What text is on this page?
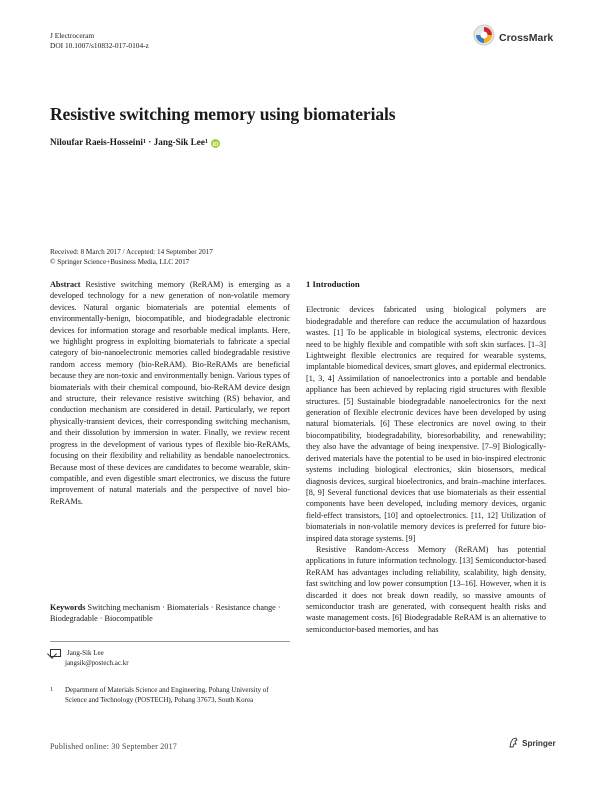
J Electroceram
DOI 10.1007/s10832-017-0104-z
CrossMark
Resistive switching memory using biomaterials
Niloufar Raeis-Hosseini 1 · Jang-Sik Lee 1 iD
Received: 8 March 2017 / Accepted: 14 September 2017
© Springer Science+Business Media, LLC 2017
Abstract Resistive switching memory (ReRAM) is emerging as a developed technology for a new generation of non-volatile memory devices. Natural organic biomaterials are potential elements of environmentally-benign, biocompatible, and biodegradable electronic devices for information storage and resorbable medical implants. Here, we highlight progress in exploiting biomaterials to fabricate a special category of bio-nanoelectronic memories called biodegradable resistive random access memory (bio-ReRAM). Bio-ReRAMs are beneficial because they are non-toxic and environmentally benign. Various types of biomaterials with their chemical compound, bio-ReRAM device design and structure, their relevance resistive switching (RS) behavior, and conduction mechanism are considered in detail. Particularly, we report physically-transient devices, their corresponding switching mechanism, and their dissolution by immersion in water. Finally, we review recent progress in the development of various types of flexible bio-ReRAMs, focusing on their flexibility and reliability as bendable nanoelectronics. Because most of these devices are candidates to become wearable, skin-compatible, and even digestible smart electronics, we discuss the future improvement of natural materials and the perspective of novel bio-ReRAMs.
Keywords Switching mechanism · Biomaterials · Resistance change · Biodegradable · Biocompatible
Jang-Sik Lee
jangsik@postech.ac.kr
1	Department of Materials Science and Engineering, Pohang University of Science and Technology (POSTECH), Pohang 37673, South Korea
Published online: 30 September 2017	Springer
1 Introduction

Electronic devices fabricated using biological polymers are biodegradable and therefore can reduce the accumulation of hazardous wastes. [1] To be applicable in biological systems, electronic devices need to be highly flexible and compatible with soft skin surfaces. [1–3] Lightweight flexible electronics are required for wearable systems, implantable biomedical devices, smart gloves, and epidermal electronics. [1, 3, 4] Assimilation of nanoelectronics into a portable and bendable appliance has been achieved by replacing rigid structures with flexible structures. [5] Sustainable biodegradable nanoelectronics for the next generation of flexible electronic devices have been developed by using natural biomaterials. [6] These electronics are novel owing to their biocompatibility, biodegradability, bioresorbability, and renewability; they also have the advantage of being inexpensive. [7–9] Biologically-derived materials have the potential to be used in bio-inspired electronic systems including biological electronics, skin biosensors, medical diagnosis devices, surgical bioelectronics, and brain–machine interfaces. [8, 9] Several functional devices that use biomaterials as their essential components have been developed, including memory devices, organic field-effect transistors, [10] and optoelectronics. [11, 12] Utilization of biomaterials in non-volatile memory devices is preferred for future bio-inspired data storage systems. [9]

Resistive Random-Access Memory (ReRAM) has potential applications in future information technology. [13] Semiconductor-based ReRAM has advantages including reliability, scalability, high density, fast switching and low power consumption [13–16]. However, when it is discarded it does not break down readily, so massive amounts of semiconductor trash are generated, with consequent health risks and waste management costs. [6] Biodegradable ReRAM is an alternative to semiconductor-based memories, and has
